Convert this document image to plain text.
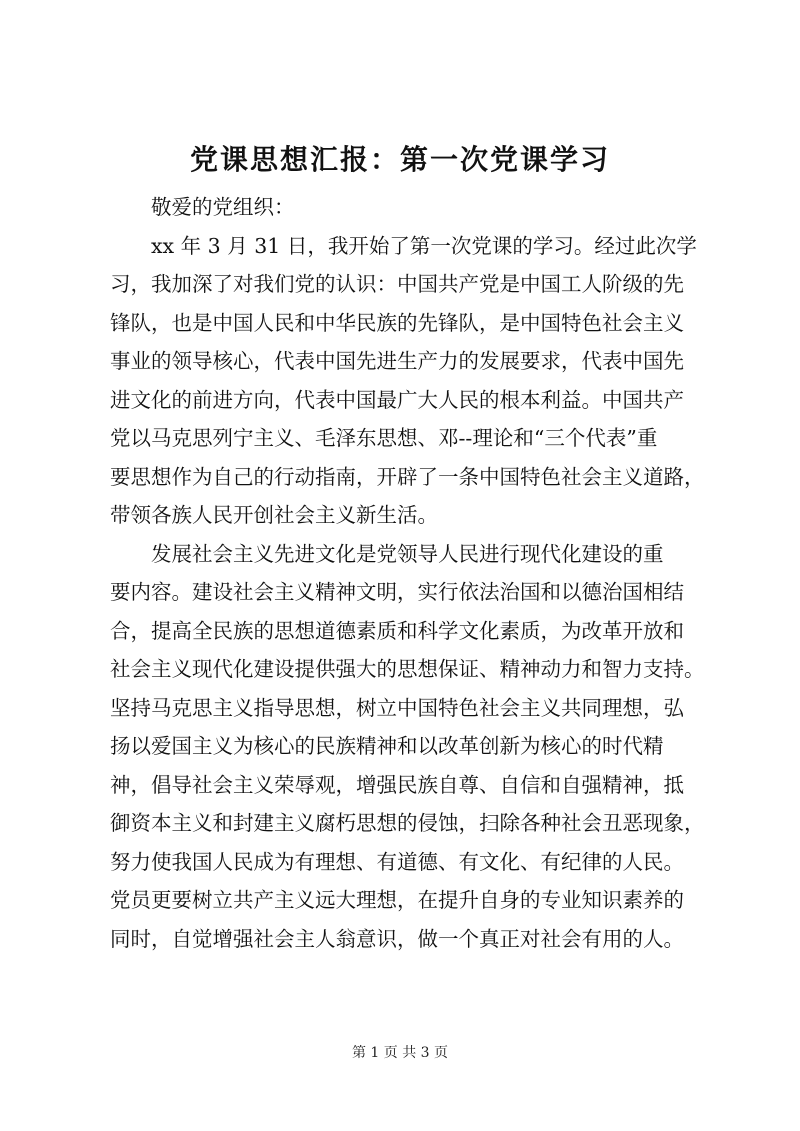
党课思想汇报：第一次党课学习
敬爱的党组织：
xx 年 3 月 31 日，我开始了第一次党课的学习。经过此次学
习，我加深了对我们党的认识：中国共产党是中国工人阶级的先
锋队，也是中国人民和中华民族的先锋队，是中国特色社会主义
事业的领导核心，代表中国先进生产力的发展要求，代表中国先
进文化的前进方向，代表中国最广大人民的根本利益。中国共产
党以马克思列宁主义、毛泽东思想、邓--理论和“三个代表”重
要思想作为自己的行动指南，开辟了一条中国特色社会主义道路，
带领各族人民开创社会主义新生活。
发展社会主义先进文化是党领导人民进行现代化建设的重
要内容。建设社会主义精神文明，实行依法治国和以德治国相结
合，提高全民族的思想道德素质和科学文化素质，为改革开放和
社会主义现代化建设提供强大的思想保证、精神动力和智力支持。
坚持马克思主义指导思想，树立中国特色社会主义共同理想，弘
扬以爱国主义为核心的民族精神和以改革创新为核心的时代精
神，倡导社会主义荣辱观，增强民族自尊、自信和自强精神，抵
御资本主义和封建主义腐朽思想的侵蚀，扫除各种社会丑恶现象，
努力使我国人民成为有理想、有道德、有文化、有纪律的人民。
党员更要树立共产主义远大理想，在提升自身的专业知识素养的
同时，自觉增强社会主人翁意识，做一个真正对社会有用的人。
第 1 页 共 3 页
